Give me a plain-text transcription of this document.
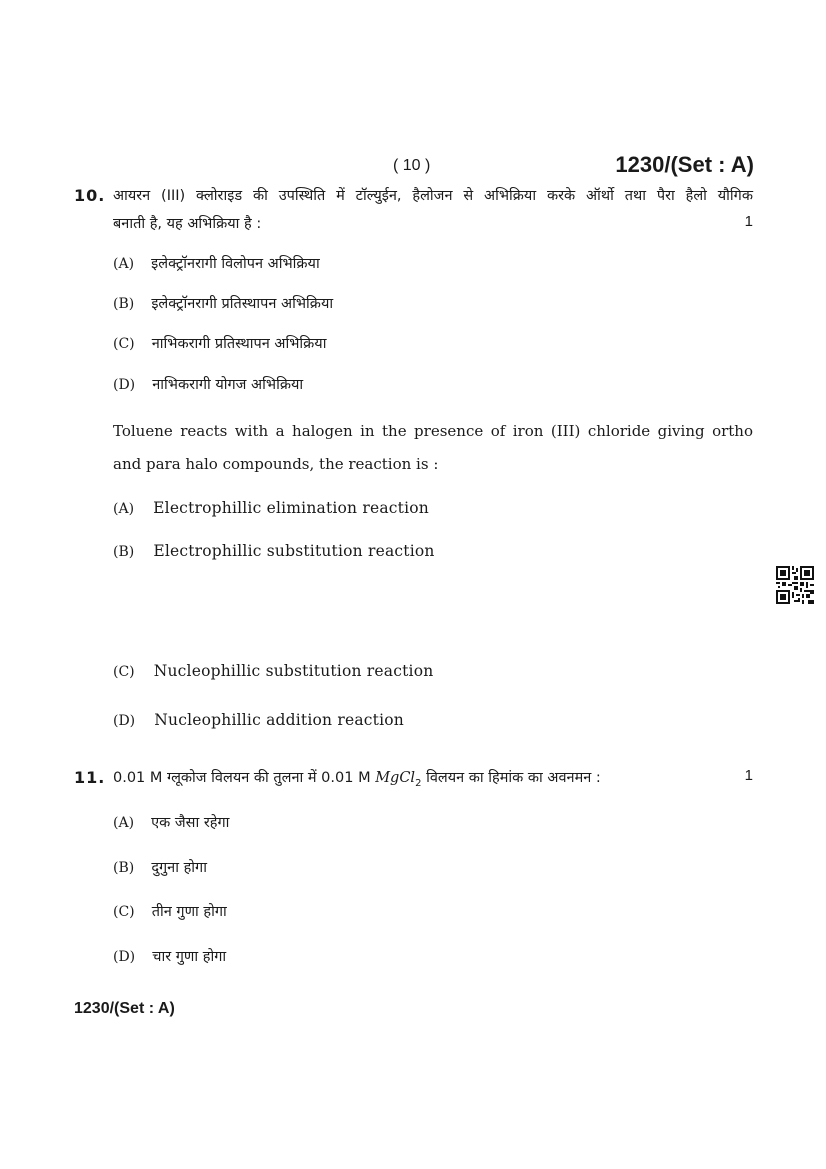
( 10 )	1230/(Set : A)
10. आयरन (III) क्लोराइड की उपस्थिति में टॉल्युईन, हैलोजन से अभिक्रिया करके ऑर्थो तथा पैरा हैलो यौगिक
बनाती है, यह अभिक्रिया है :	1
(A) इलेक्ट्रॉनरागी विलोपन अभिक्रिया
(B) इलेक्ट्रॉनरागी प्रतिस्थापन अभिक्रिया
(C) नाभिकरागी प्रतिस्थापन अभिक्रिया
(D) नाभिकरागी योगज अभिक्रिया
Toluene reacts with a halogen in the presence of iron (III) chloride giving ortho
and para halo compounds, the reaction is :
(A) Electrophillic elimination reaction
(B) Electrophillic substitution reaction
(C) Nucleophillic substitution reaction
(D) Nucleophillic addition reaction
11. 0.01 M ग्लूकोज विलयन की तुलना में 0.01 M MgCl$_2$ विलयन का हिमांक का अवनमन :	1
(A) एक जैसा रहेगा
(B) दुगुना होगा
(C) तीन गुणा होगा
(D) चार गुणा होगा
1230/(Set : A)
